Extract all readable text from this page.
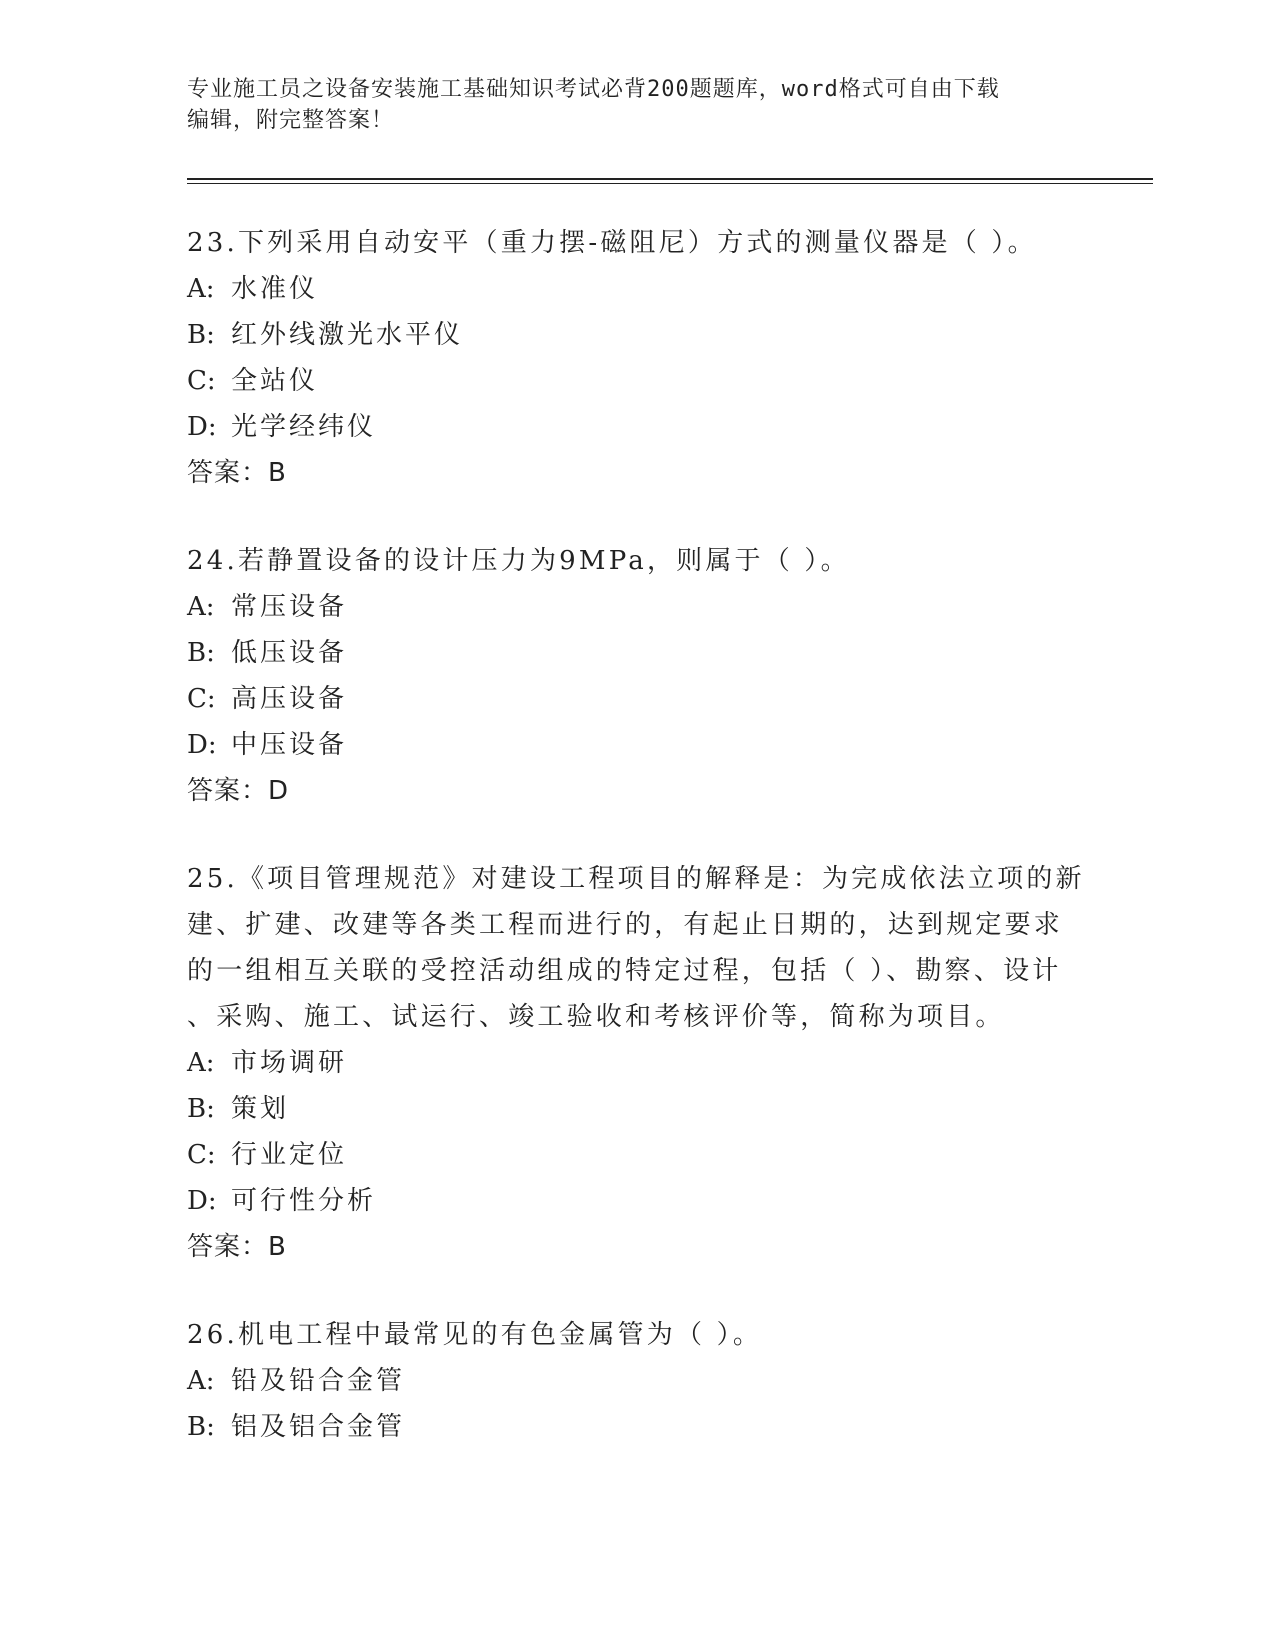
专业施工员之设备安装施工基础知识考试必背200题题库，word格式可自由下载
编辑，附完整答案！
23.下列采用自动安平（重力摆-磁阻尼）方式的测量仪器是（ ）。
A: 水准仪
B: 红外线激光水平仪
C: 全站仪
D: 光学经纬仪
答案：B
24.若静置设备的设计压力为9MPa，则属于（ ）。
A: 常压设备
B: 低压设备
C: 高压设备
D: 中压设备
答案：D
25.《项目管理规范》对建设工程项目的解释是：为完成依法立项的新
建、扩建、改建等各类工程而进行的，有起止日期的，达到规定要求
的一组相互关联的受控活动组成的特定过程，包括（ ）、勘察、设计
、采购、施工、试运行、竣工验收和考核评价等，简称为项目。
A: 市场调研
B: 策划
C: 行业定位
D: 可行性分析
答案：B
26.机电工程中最常见的有色金属管为（ ）。
A: 铅及铅合金管
B: 铝及铝合金管
